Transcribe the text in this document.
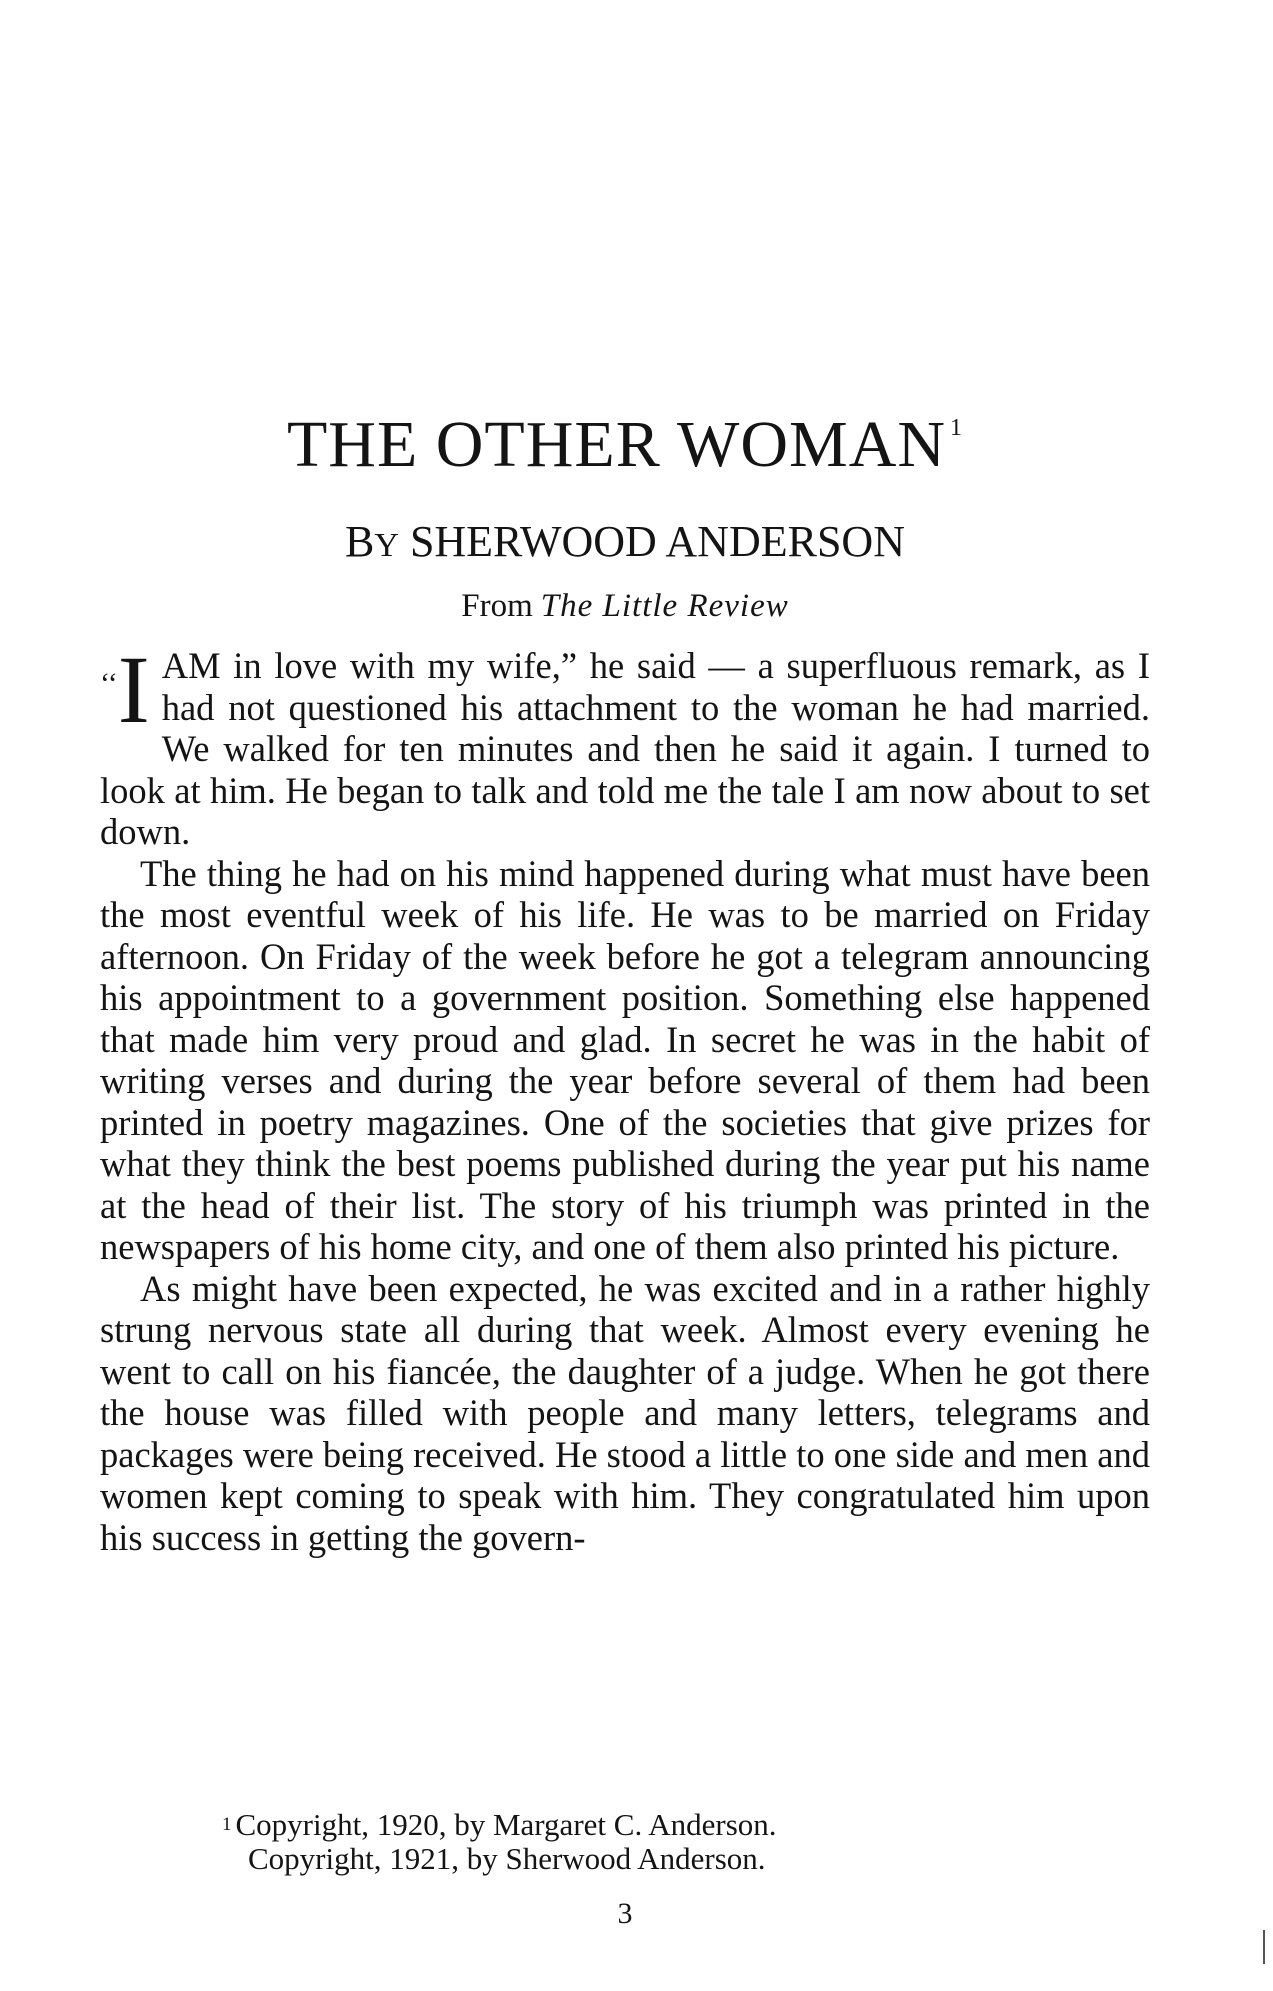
THE OTHER WOMAN $^1$
BY SHERWOOD ANDERSON
From The Little Review

‘‘I AM in love with my wife,” he said — a superfluous remark, as I had not questioned his attachment to the woman he had married. We walked for ten minutes and then he said it again. I turned to look at him. He began to talk and told me the tale I am now about to set down.

The thing he had on his mind happened during what must have been the most eventful week of his life. He was to be married on Friday afternoon. On Friday of the week before he got a telegram announcing his appointment to a government position. Something else happened that made him very proud and glad. In secret he was in the habit of writing verses and during the year before several of them had been printed in poetry magazines. One of the societies that give prizes for what they think the best poems published during the year put his name at the head of their list. The story of his triumph was printed in the newspapers of his home city, and one of them also printed his picture.

As might have been expected, he was excited and in a rather highly strung nervous state all during that week. Almost every evening he went to call on his fiancée, the daughter of a judge. When he got there the house was filled with people and many letters, telegrams and packages were being received. He stood a little to one side and men and women kept coming to speak with him. They congratulated him upon his success in getting the govern-

$^1$ Copyright, 1920, by Margaret C. Anderson.
Copyright, 1921, by Sherwood Anderson.
3
